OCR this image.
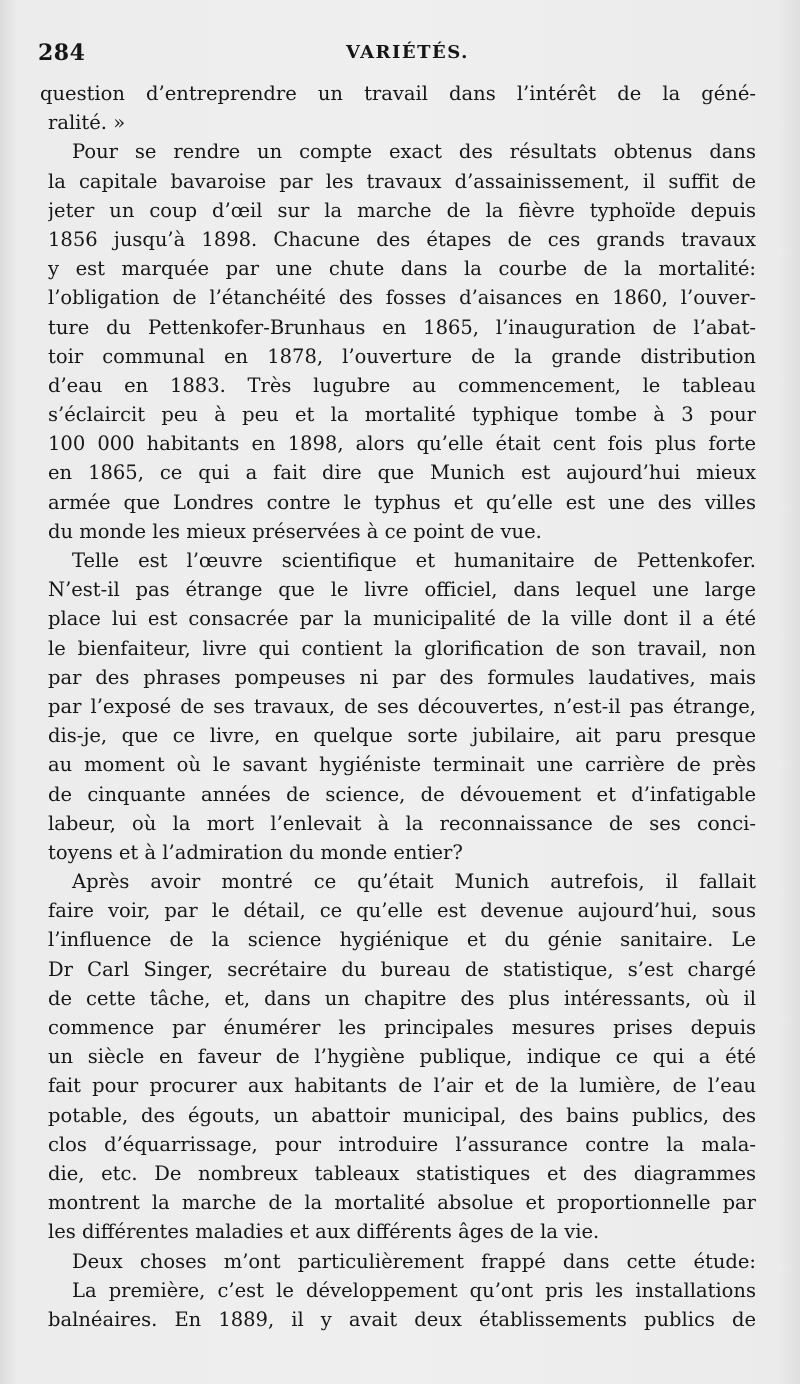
284	VARIÉTÉS.
question d’entreprendre un travail dans l’intérêt de la géné-
ralité. »
Pour se rendre un compte exact des résultats obtenus dans
la capitale bavaroise par les travaux d’assainissement, il suffit de
jeter un coup d’œil sur la marche de la fièvre typhoïde depuis
1856 jusqu’à 1898. Chacune des étapes de ces grands travaux
y est marquée par une chute dans la courbe de la mortalité:
l’obligation de l’étanchéité des fosses d’aisances en 1860, l’ouver-
ture du Pettenkofer-Brunhaus en 1865, l’inauguration de l’abat-
toir communal en 1878, l’ouverture de la grande distribution
d’eau en 1883. Très lugubre au commencement, le tableau
s’éclaircit peu à peu et la mortalité typhique tombe à 3 pour
100 000 habitants en 1898, alors qu’elle était cent fois plus forte
en 1865, ce qui a fait dire que Munich est aujourd’hui mieux
armée que Londres contre le typhus et qu’elle est une des villes
du monde les mieux préservées à ce point de vue.
Telle est l’œuvre scientifique et humanitaire de Pettenkofer.
N’est-il pas étrange que le livre officiel, dans lequel une large
place lui est consacrée par la municipalité de la ville dont il a été
le bienfaiteur, livre qui contient la glorification de son travail, non
par des phrases pompeuses ni par des formules laudatives, mais
par l’exposé de ses travaux, de ses découvertes, n’est-il pas étrange,
dis-je, que ce livre, en quelque sorte jubilaire, ait paru presque
au moment où le savant hygiéniste terminait une carrière de près
de cinquante années de science, de dévouement et d’infatigable
labeur, où la mort l’enlevait à la reconnaissance de ses conci-
toyens et à l’admiration du monde entier?
Après avoir montré ce qu’était Munich autrefois, il fallait
faire voir, par le détail, ce qu’elle est devenue aujourd’hui, sous
l’influence de la science hygiénique et du génie sanitaire. Le
Dr Carl Singer, secrétaire du bureau de statistique, s’est chargé
de cette tâche, et, dans un chapitre des plus intéressants, où il
commence par énumérer les principales mesures prises depuis
un siècle en faveur de l’hygiène publique, indique ce qui a été
fait pour procurer aux habitants de l’air et de la lumière, de l’eau
potable, des égouts, un abattoir municipal, des bains publics, des
clos d’équarrissage, pour introduire l’assurance contre la mala-
die, etc. De nombreux tableaux statistiques et des diagrammes
montrent la marche de la mortalité absolue et proportionnelle par
les différentes maladies et aux différents âges de la vie.
Deux choses m’ont particulièrement frappé dans cette étude:
La première, c’est le développement qu’ont pris les installations
balnéaires. En 1889, il y avait deux établissements publics de
